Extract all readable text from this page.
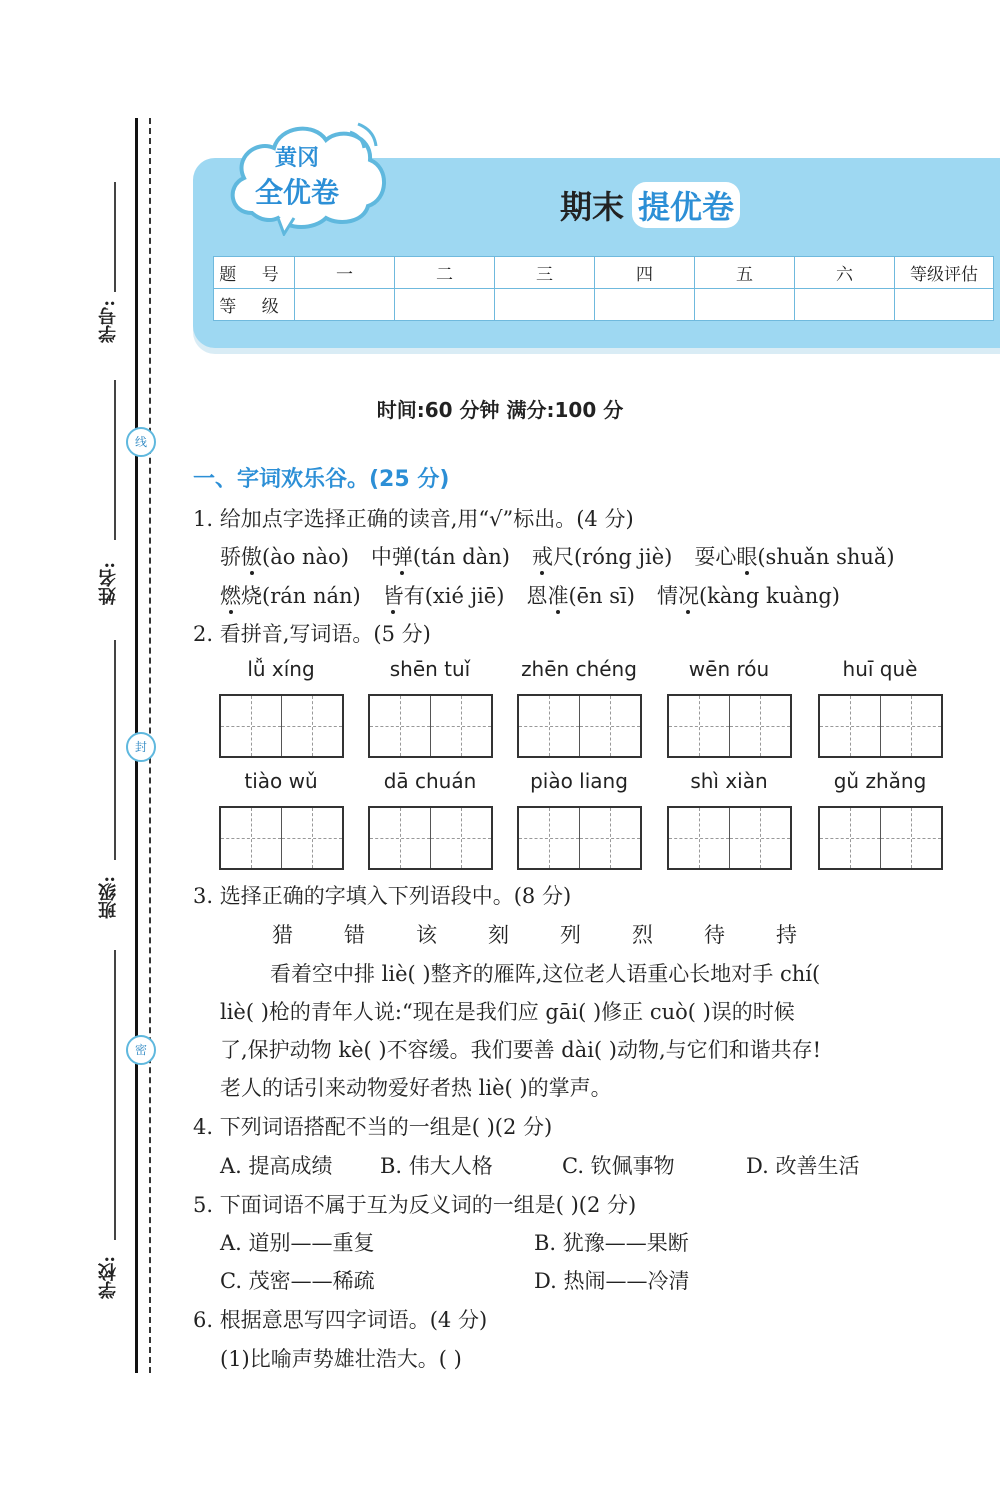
学号:
姓名:
班级:
学校:
线
封
密
黄冈
全优卷	期末 提优卷
题 号	一	二	三	四	五	六	等级评估
等 级							
时间:60 分钟 满分:100 分
一、字词欢乐谷。(25 分)
1. 给加点字选择正确的读音,用“√”标出。(4 分)
骄傲(ào nào) 中弹(tán dàn) 戒尺(róng jiè) 耍心眼(shuǎn shuǎ)
燃烧(rán nán) 皆有(xié jiē) 恩准(ēn sī) 情况(kàng kuàng)
2. 看拼音,写词语。(5 分)
lǚ xíng	shēn tuǐ	zhēn chéng	wēn róu	huī què
tiào wǔ	dā chuán	piào liang	shì xiàn	gǔ zhǎng
3. 选择正确的字填入下列语段中。(8 分)
猎 错 该 刻 列 烈 待 持
看着空中排 liè( )整齐的雁阵,这位老人语重心长地对手 chí(
liè( )枪的青年人说:“现在是我们应 gāi( )修正 cuò( )误的时候
了,保护动物 kè( )不容缓。我们要善 dài( )动物,与它们和谐共存!
老人的话引来动物爱好者热 liè( )的掌声。
4. 下列词语搭配不当的一组是( )(2 分)
A. 提高成绩 B. 伟大人格	C. 钦佩事物	D. 改善生活
5. 下面词语不属于互为反义词的一组是( )(2 分)
A. 道别——重复	B. 犹豫——果断
C. 茂密——稀疏	D. 热闹——冷清
6. 根据意思写四字词语。(4 分)
(1)比喻声势雄壮浩大。( )
